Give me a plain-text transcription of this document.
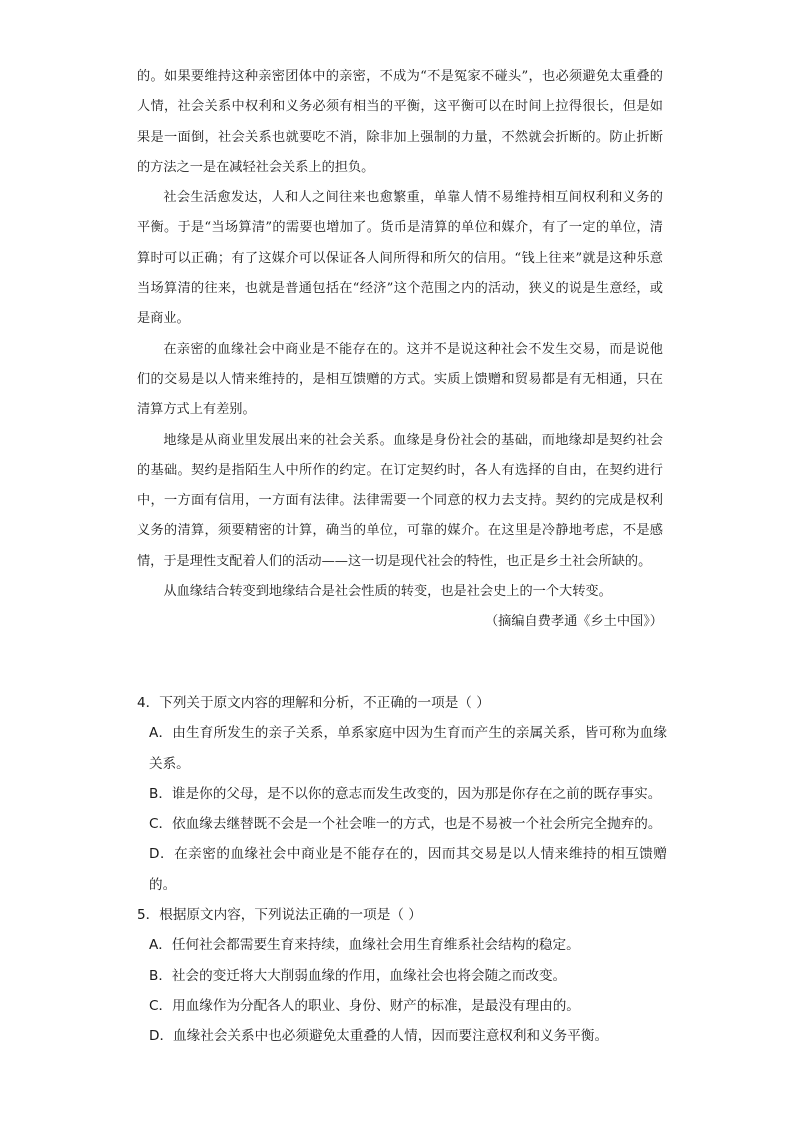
的。如果要维持这种亲密团体中的亲密，不成为“不是冤家不碰头”，也必须避免太重叠的人情，社会关系中权利和义务必须有相当的平衡，这平衡可以在时间上拉得很长，但是如果是一面倒，社会关系也就要吃不消，除非加上强制的力量，不然就会折断的。防止折断的方法之一是在减轻社会关系上的担负。

社会生活愈发达，人和人之间往来也愈繁重，单靠人情不易维持相互间权利和义务的平衡。于是“当场算清”的需要也增加了。货币是清算的单位和媒介，有了一定的单位，清算时可以正确；有了这媒介可以保证各人间所得和所欠的信用。“钱上往来”就是这种乐意当场算清的往来，也就是普通包括在“经济”这个范围之内的活动，狭义的说是生意经，或是商业。

在亲密的血缘社会中商业是不能存在的。这并不是说这种社会不发生交易，而是说他们的交易是以人情来维持的，是相互馈赠的方式。实质上馈赠和贸易都是有无相通，只在清算方式上有差别。

地缘是从商业里发展出来的社会关系。血缘是身份社会的基础，而地缘却是契约社会的基础。契约是指陌生人中所作的约定。在订定契约时，各人有选择的自由，在契约进行中，一方面有信用，一方面有法律。法律需要一个同意的权力去支持。契约的完成是权利义务的清算，须要精密的计算，确当的单位，可靠的媒介。在这里是冷静地考虑，不是感情，于是理性支配着人们的活动——这一切是现代社会的特性，也正是乡土社会所缺的。

从血缘结合转变到地缘结合是社会性质的转变，也是社会史上的一个大转变。

（摘编自费孝通《乡土中国》）

4．下列关于原文内容的理解和分析，不正确的一项是（ ）

A．由生育所发生的亲子关系，单系家庭中因为生育而产生的亲属关系，皆可称为血缘关系。
B．谁是你的父母，是不以你的意志而发生改变的，因为那是你存在之前的既存事实。
C．依血缘去继替既不会是一个社会唯一的方式，也是不易被一个社会所完全抛弃的。
D．在亲密的血缘社会中商业是不能存在的，因而其交易是以人情来维持的相互馈赠的。

5．根据原文内容，下列说法正确的一项是（ ）

A．任何社会都需要生育来持续，血缘社会用生育维系社会结构的稳定。
B．社会的变迁将大大削弱血缘的作用，血缘社会也将会随之而改变。
C．用血缘作为分配各人的职业、身份、财产的标准，是最没有理由的。
D．血缘社会关系中也必须避免太重叠的人情，因而要注意权利和义务平衡。
